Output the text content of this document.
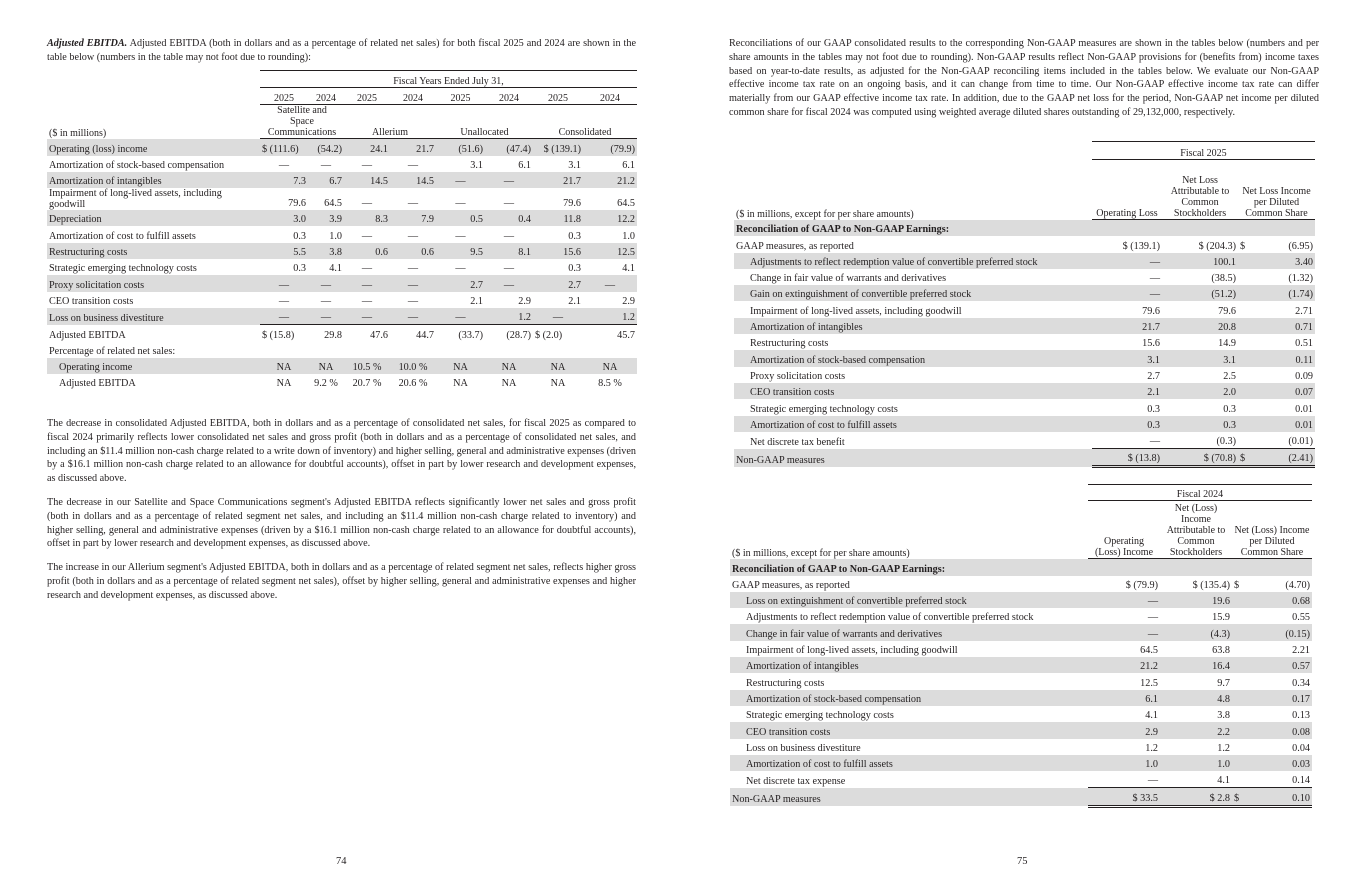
Adjusted EBITDA. Adjusted EBITDA (both in dollars and as a percentage of related net sales) for both fiscal 2025 and 2024 are shown in the table below (numbers in the table may not foot due to rounding):

	Fiscal Years Ended July 31,							
	2025	2024	2025	2024	2025	2024	2025	2024
($ in millions)	Satellite and Space Communications		Allerium		Unallocated		Consolidated	
Operating (loss) income	$ (111.6)	(54.2)	24.1	21.7	(51.6)	(47.4)	$ (139.1)	(79.9)
Amortization of stock-based compensation	—	—	—	—	3.1	6.1	3.1	6.1
Amortization of intangibles	7.3	6.7	14.5	14.5	—	—	21.7	21.2
Impairment of long-lived assets, including goodwill	79.6	64.5	—	—	—	—	79.6	64.5
Depreciation	3.0	3.9	8.3	7.9	0.5	0.4	11.8	12.2
Amortization of cost to fulfill assets	0.3	1.0	—	—	—	—	0.3	1.0
Restructuring costs	5.5	3.8	0.6	0.6	9.5	8.1	15.6	12.5
Strategic emerging technology costs	0.3	4.1	—	—	—	—	0.3	4.1
Proxy solicitation costs	—	—	—	—	2.7	—	2.7	—
CEO transition costs	—	—	—	—	2.1	2.9	2.1	2.9
Loss on business divestiture	—	—	—	—	—	1.2	—	1.2
Adjusted EBITDA	$ (15.8)	29.8	47.6	44.7	(33.7)	(28.7)	$ (2.0)	45.7
Percentage of related net sales:								
Operating income	NA	NA	10.5 %	10.0 %	NA	NA	NA	NA
Adjusted EBITDA	NA	9.2 %	20.7 %	20.6 %	NA	NA	NA	8.5 %

The decrease in consolidated Adjusted EBITDA, both in dollars and as a percentage of consolidated net sales, for fiscal 2025 as compared to fiscal 2024 primarily reflects lower consolidated net sales and gross profit (both in dollars and as a percentage of consolidated net sales, and including an $11.4 million non-cash charge related to a write down of inventory) and higher selling, general and administrative expenses (driven by a $16.1 million non-cash charge related to an allowance for doubtful accounts), offset in part by lower research and development expenses, as discussed above.

The decrease in our Satellite and Space Communications segment's Adjusted EBITDA reflects significantly lower net sales and gross profit (both in dollars and as a percentage of related segment net sales, and including an $11.4 million non-cash charge related to inventory) and higher selling, general and administrative expenses (driven by a $16.1 million non-cash charge related to an allowance for doubtful accounts), offset in part by lower research and development expenses, as discussed above.

The increase in our Allerium segment's Adjusted EBITDA, both in dollars and as a percentage of related segment net sales, reflects higher gross profit (both in dollars and as a percentage of related segment net sales), offset by higher selling, general and administrative expenses and higher research and development expenses, as discussed above.

74

Reconciliations of our GAAP consolidated results to the corresponding Non-GAAP measures are shown in the tables below (numbers and per share amounts in the tables may not foot due to rounding). Non-GAAP results reflect Non-GAAP provisions for (benefits from) income taxes based on year-to-date results, as adjusted for the Non-GAAP reconciling items included in the tables below. We evaluate our Non-GAAP effective income tax rate on an ongoing basis, and it can change from time to time. Our Non-GAAP effective income tax rate can differ materially from our GAAP effective income tax rate. In addition, due to the GAAP net loss for the period, Non-GAAP net income per diluted common share for fiscal 2024 was computed using weighted average diluted shares outstanding of 29,132,000, respectively.

	Fiscal 2025			
($ in millions, except for per share amounts)	Operating Loss	Net Loss Attributable to Common Stockholders	Net Loss Income per Diluted Common Share	
Reconciliation of GAAP to Non-GAAP Earnings:				
GAAP measures, as reported	$ (139.1)	$ (204.3)	$	(6.95)
Adjustments to reflect redemption value of convertible preferred stock	—	100.1	3.40	
Change in fair value of warrants and derivatives	—	(38.5)	(1.32)	
Gain on extinguishment of convertible preferred stock	—	(51.2)	(1.74)	
Impairment of long-lived assets, including goodwill	79.6	79.6	2.71	
Amortization of intangibles	21.7	20.8	0.71	
Restructuring costs	15.6	14.9	0.51	
Amortization of stock-based compensation	3.1	3.1	0.11	
Proxy solicitation costs	2.7	2.5	0.09	
CEO transition costs	2.1	2.0	0.07	
Strategic emerging technology costs	0.3	0.3	0.01	
Amortization of cost to fulfill assets	0.3	0.3	0.01	
Net discrete tax benefit	—	(0.3)	(0.01)	
Non-GAAP measures	$ (13.8)	$ (70.8)	$	(2.41)
	Fiscal 2024			
($ in millions, except for per share amounts)	Operating (Loss) Income	Net (Loss) Income Attributable to Common Stockholders	Net (Loss) Income per Diluted Common Share	
Reconciliation of GAAP to Non-GAAP Earnings:				
GAAP measures, as reported	$ (79.9)	$ (135.4)	$	(4.70)
Loss on extinguishment of convertible preferred stock	—	19.6	0.68	
Adjustments to reflect redemption value of convertible preferred stock	—	15.9	0.55	
Change in fair value of warrants and derivatives	—	(4.3)	(0.15)	
Impairment of long-lived assets, including goodwill	64.5	63.8	2.21	
Amortization of intangibles	21.2	16.4	0.57	
Restructuring costs	12.5	9.7	0.34	
Amortization of stock-based compensation	6.1	4.8	0.17	
Strategic emerging technology costs	4.1	3.8	0.13	
CEO transition costs	2.9	2.2	0.08	
Loss on business divestiture	1.2	1.2	0.04	
Amortization of cost to fulfill assets	1.0	1.0	0.03	
Net discrete tax expense	—	4.1	0.14	
Non-GAAP measures	$ 33.5	$ 2.8	$	0.10
75
